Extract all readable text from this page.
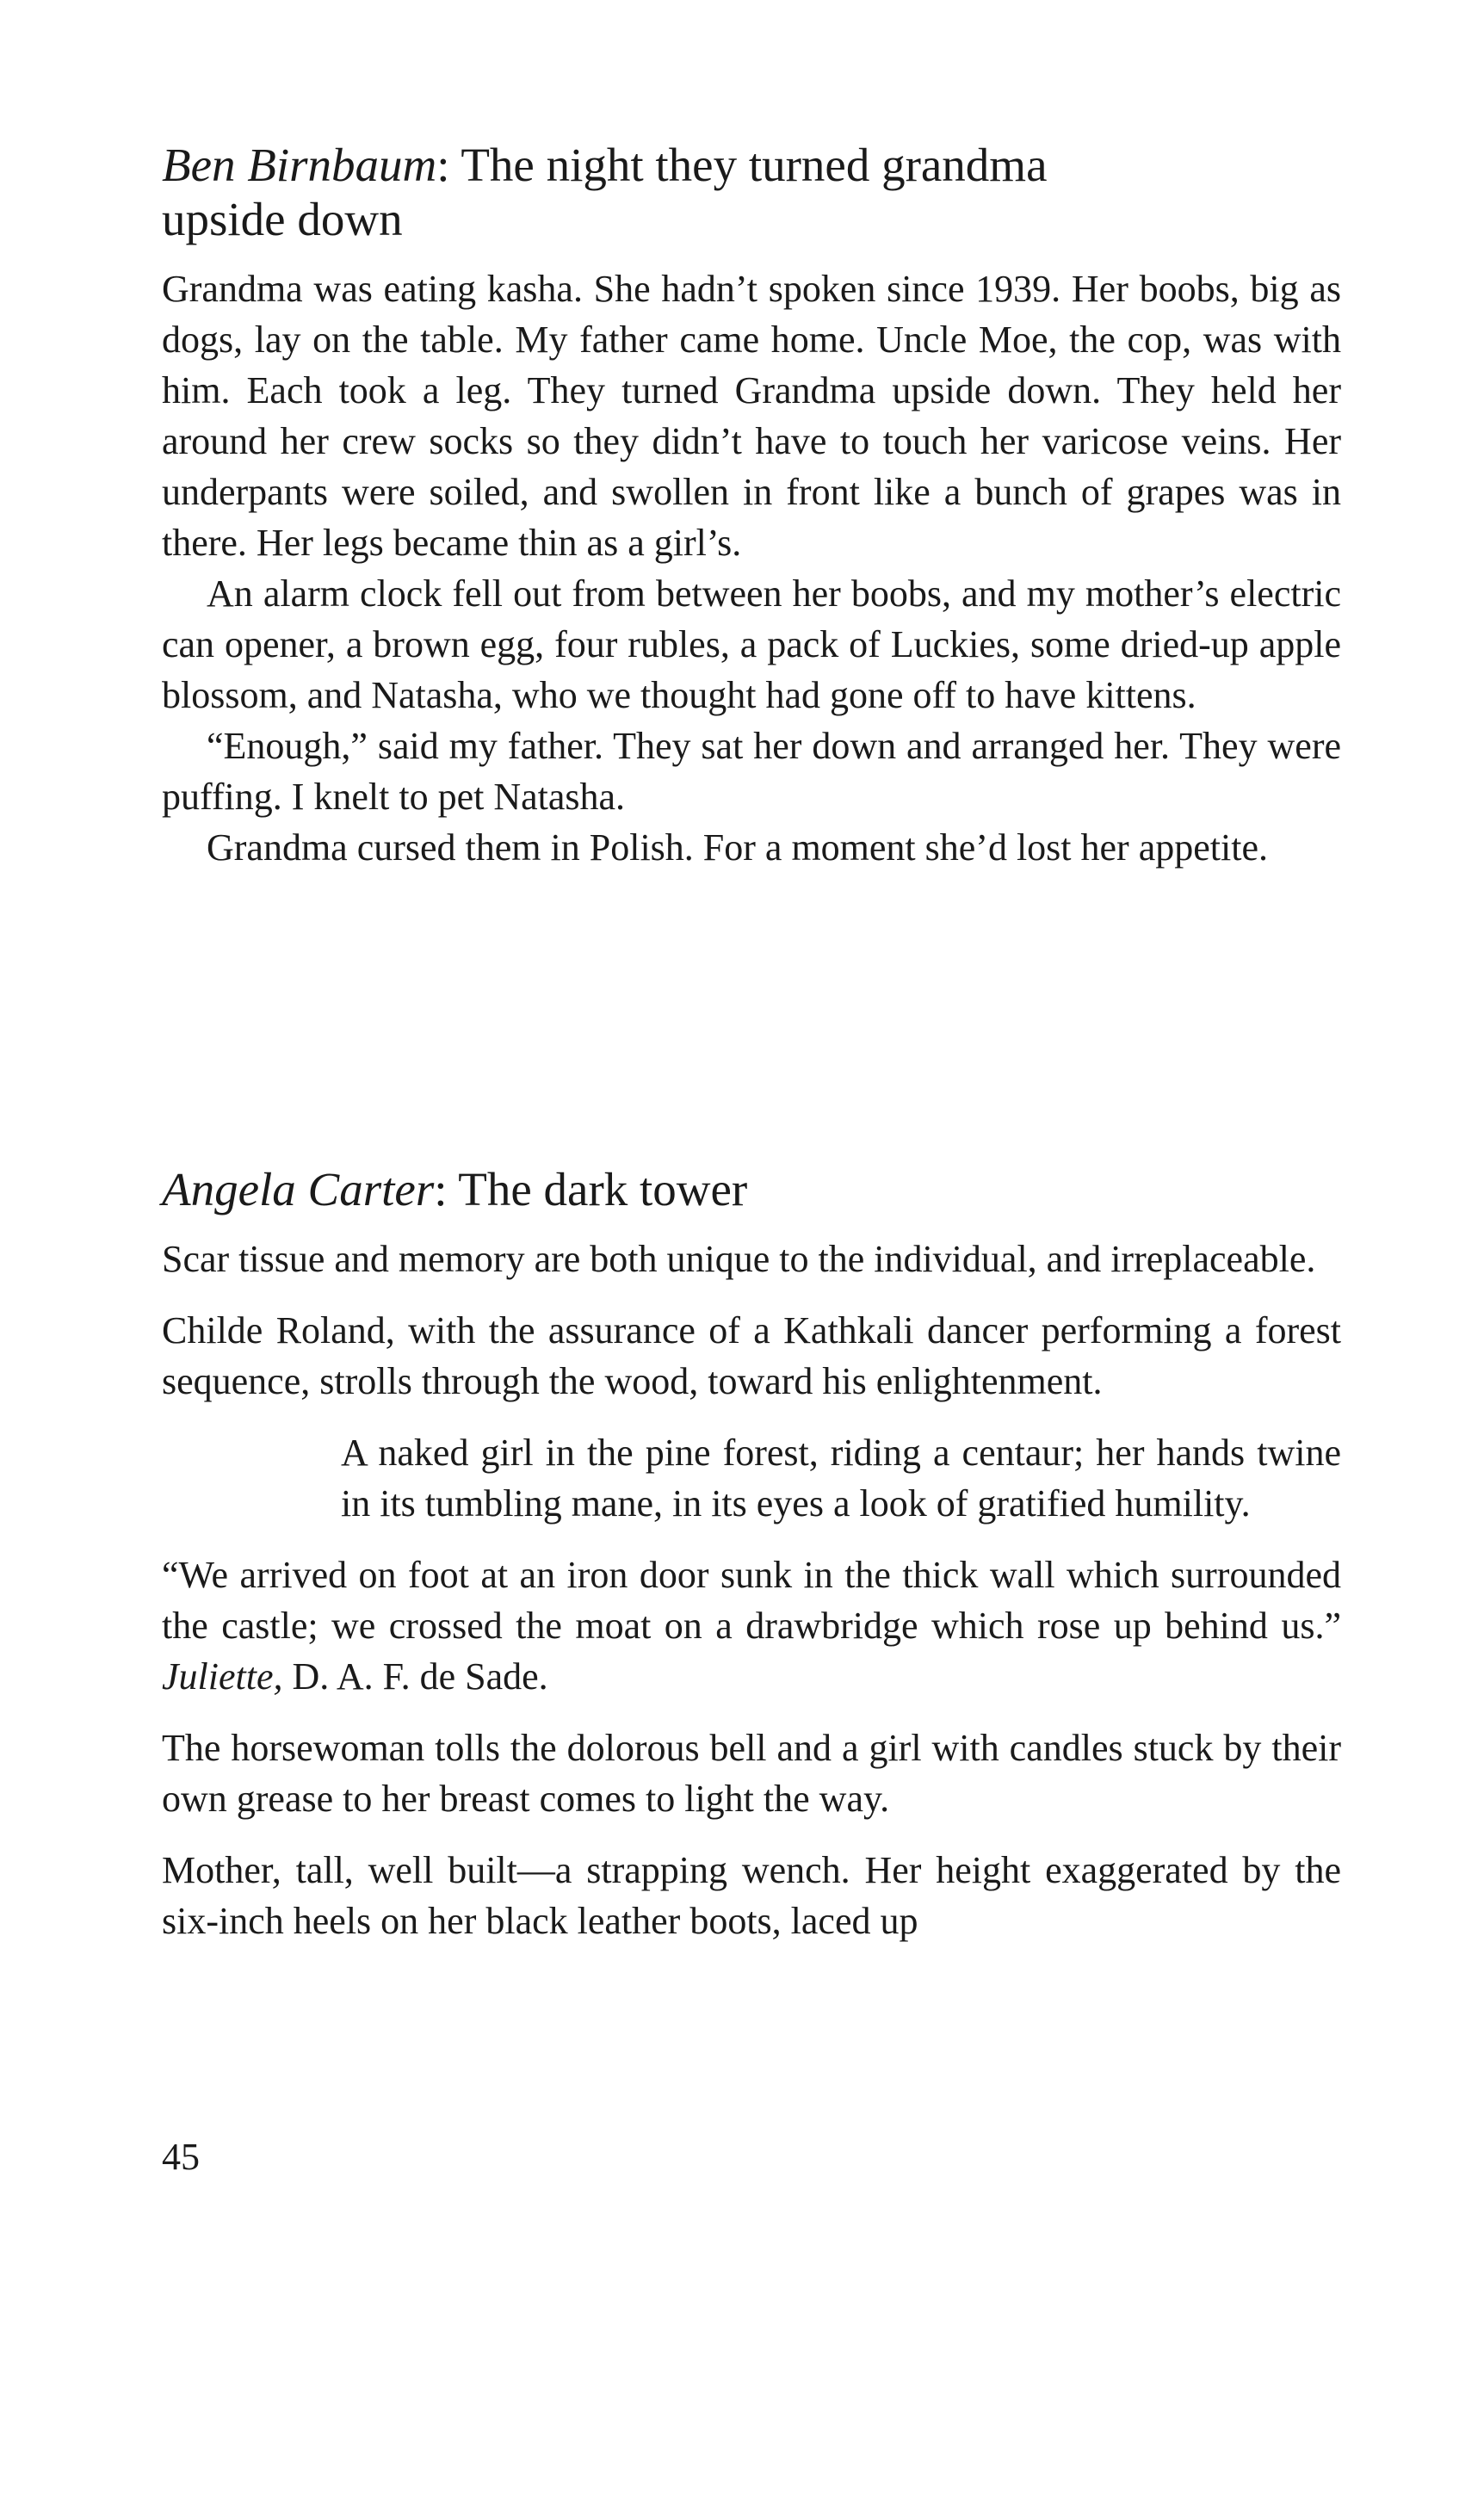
Ben Birnbaum: The night they turned grandma
upside down

Grandma was eating kasha. She hadn’t spoken since 1939. Her boobs, big as dogs, lay on the table. My father came home. Uncle Moe, the cop, was with him. Each took a leg. They turned Grandma upside down. They held her around her crew socks so they didn’t have to touch her varicose veins. Her underpants were soiled, and swollen in front like a bunch of grapes was in there. Her legs became thin as a girl’s.

An alarm clock fell out from between her boobs, and my mother’s electric can opener, a brown egg, four rubles, a pack of Luckies, some dried-up apple blossom, and Natasha, who we thought had gone off to have kittens.

“Enough,” said my father. They sat her down and arranged her. They were puffing. I knelt to pet Natasha.

Grandma cursed them in Polish. For a moment she’d lost her appetite.

Angela Carter: The dark tower

Scar tissue and memory are both unique to the individual, and irreplaceable.

Childe Roland, with the assurance of a Kathkali dancer performing a forest sequence, strolls through the wood, toward his enlightenment.

A naked girl in the pine forest, riding a centaur; her hands twine in its tumbling mane, in its eyes a look of gratified humility.

“We arrived on foot at an iron door sunk in the thick wall which surrounded the castle; we crossed the moat on a drawbridge which rose up behind us.” Juliette, D. A. F. de Sade.

The horsewoman tolls the dolorous bell and a girl with candles stuck by their own grease to her breast comes to light the way.

Mother, tall, well built—a strapping wench. Her height exaggerated by the six-inch heels on her black leather boots, laced up

45
